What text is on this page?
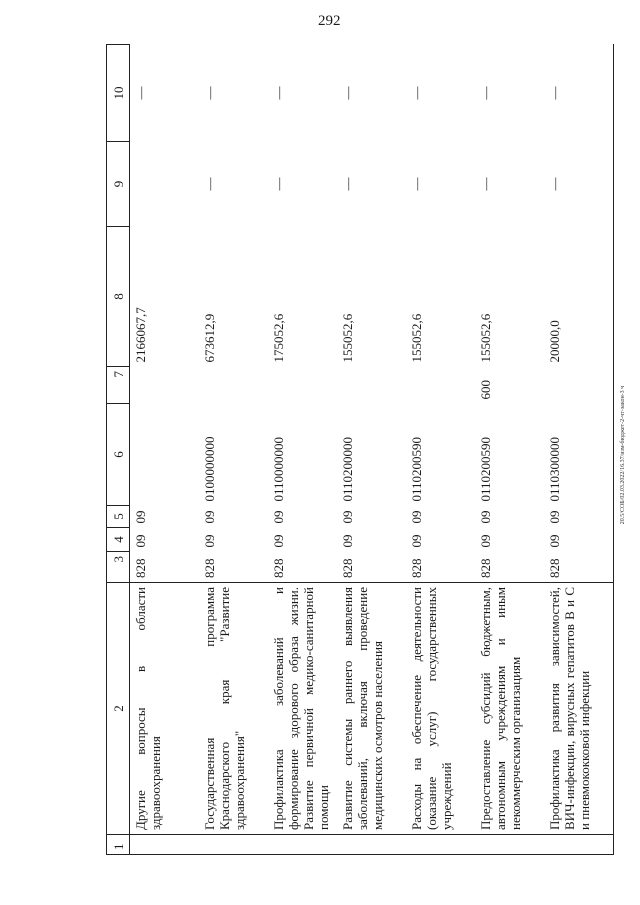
292
20.5/СОБ/02.03.2022/16.37/изм-бюджет-2-чт-закон-3 ч
1	2	3	4	5	6	7	8	9	10
	Другие вопросы в области здравоохранения	828	09	09			2166067,7		—
	Государственная программа Краснодарского края "Развитие здравоохранения"	828	09	09	0100000000		673612,9	—	—
	Профилактика заболеваний и формирование здорового образа жизни. Развитие первичной медико-санитарной помощи	828	09	09	0110000000		175052,6	—	—
	Развитие системы раннего выявления заболеваний, включая проведение медицинских осмотров населения	828	09	09	0110200000		155052,6	—	—
	Расходы на обеспечение деятельности (оказание услуг) государственных учреждений	828	09	09	0110200590		155052,6	—	—
	Предоставление субсидий бюджетным, автономным учреждениям и иным некоммерческим организациям	828	09	09	0110200590	600	155052,6	—	—
	Профилактика развития зависимостей, ВИЧ-инфекции, вирусных гепатитов В и С и пневмококковой инфекции	828	09	09	0110300000		20000,0	—	—
